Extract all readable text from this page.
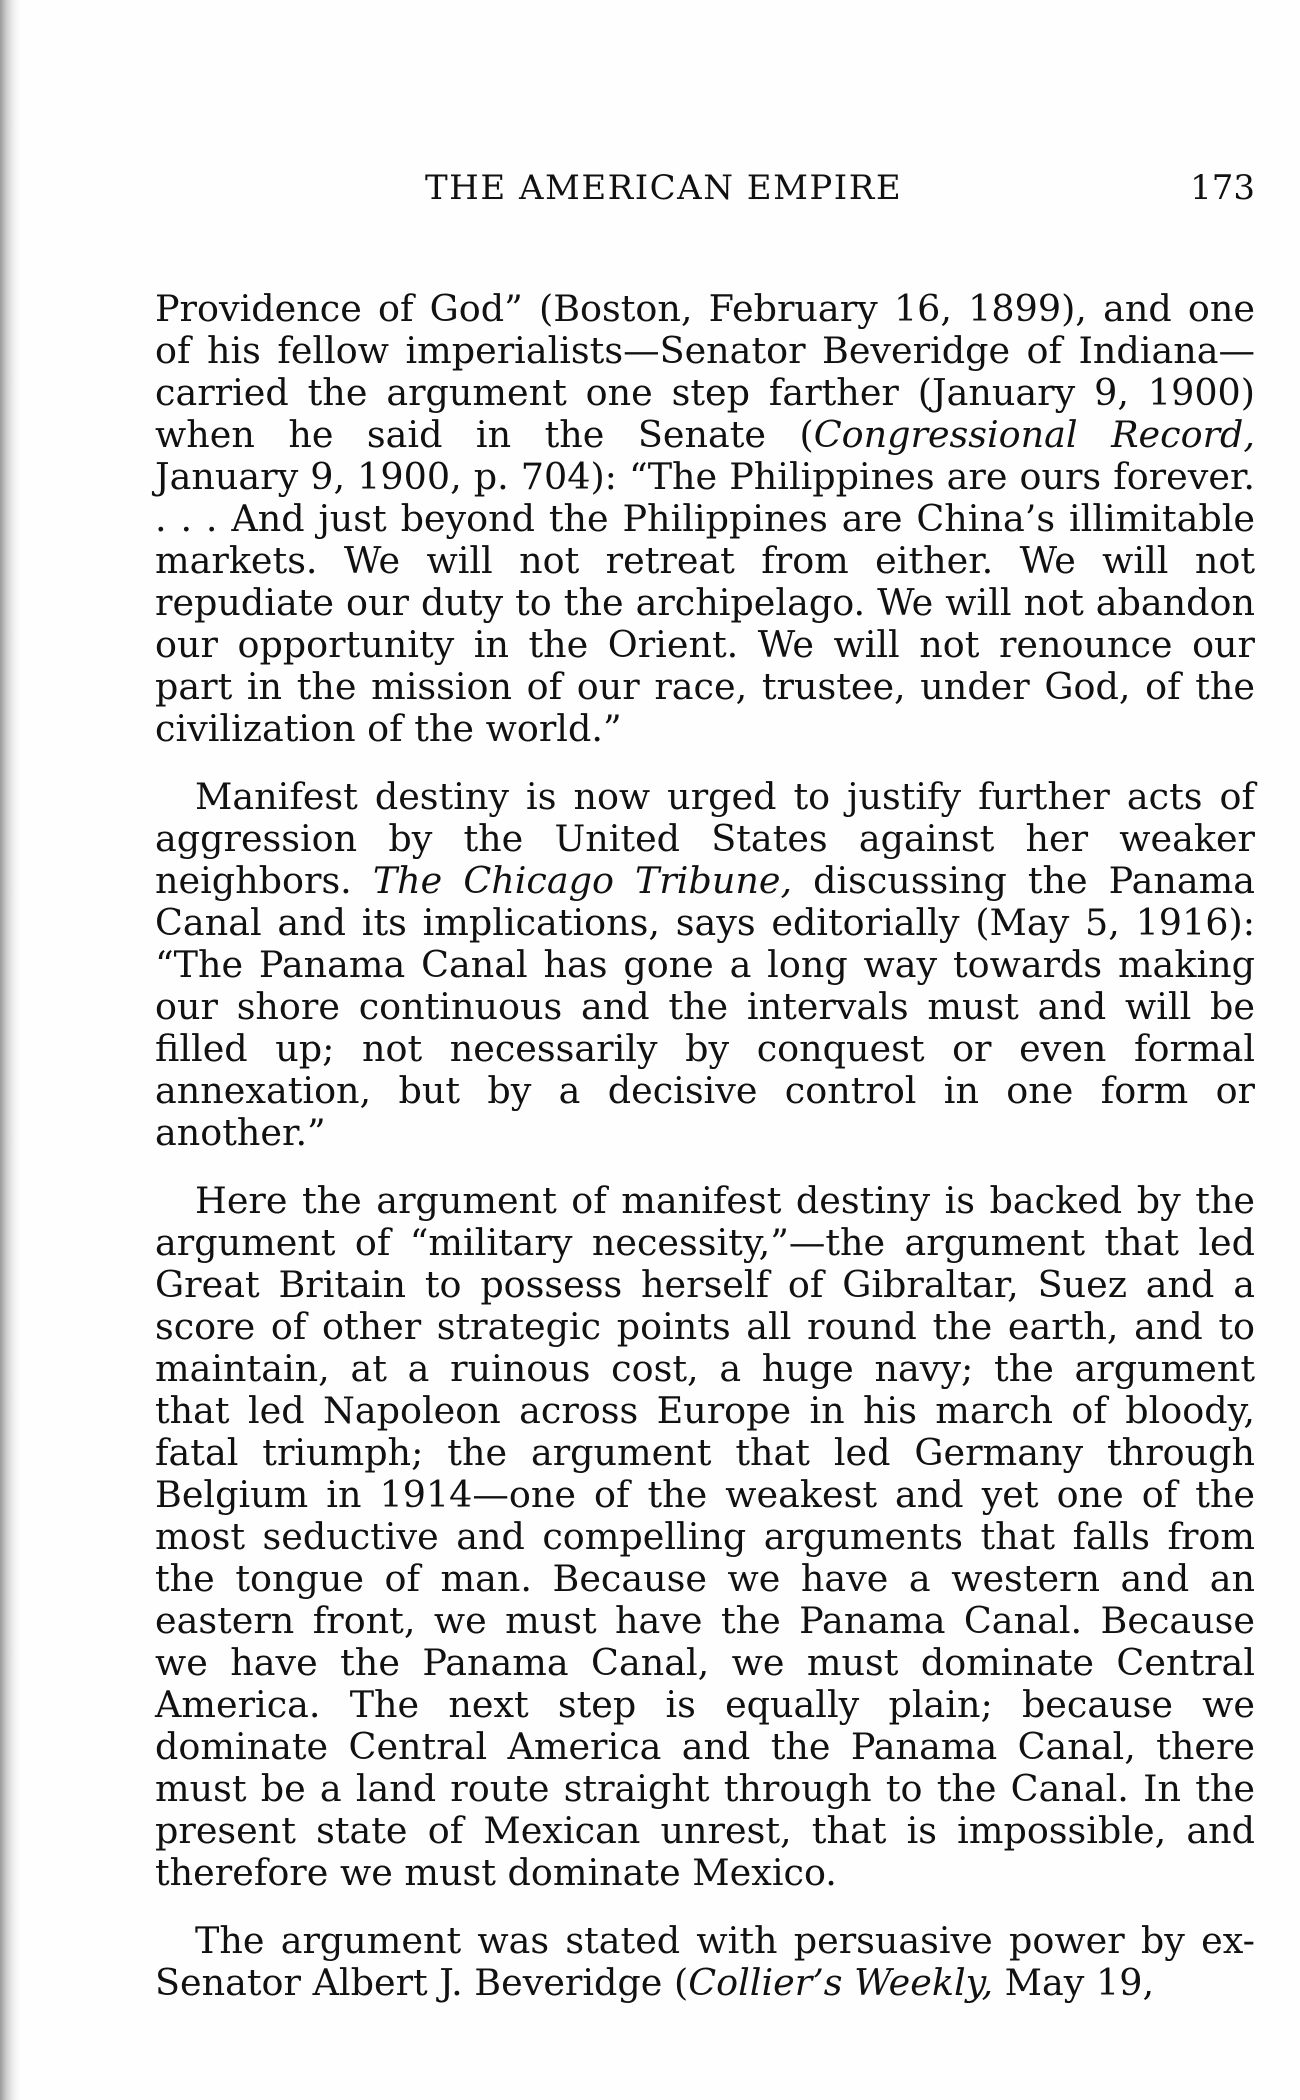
THE AMERICAN EMPIRE	173

Providence of God” (Boston, February 16, 1899), and one of his fellow imperialists—Senator Beveridge of Indiana—carried the argument one step farther (January 9, 1900) when he said in the Senate (Congressional Record, January 9, 1900, p. 704): “The Philippines are ours forever. . . . And just beyond the Philippines are China’s illimitable markets. We will not retreat from either. We will not repudiate our duty to the archipelago. We will not abandon our opportunity in the Orient. We will not renounce our part in the mission of our race, trustee, under God, of the civilization of the world.”

Manifest destiny is now urged to justify further acts of aggression by the United States against her weaker neighbors. The Chicago Tribune, discussing the Panama Canal and its implications, says editorially (May 5, 1916): “The Panama Canal has gone a long way towards making our shore continuous and the intervals must and will be filled up; not necessarily by conquest or even formal annexation, but by a decisive control in one form or another.”

Here the argument of manifest destiny is backed by the argument of “military necessity,”—the argument that led Great Britain to possess herself of Gibraltar, Suez and a score of other strategic points all round the earth, and to maintain, at a ruinous cost, a huge navy; the argument that led Napoleon across Europe in his march of bloody, fatal triumph; the argument that led Germany through Belgium in 1914—one of the weakest and yet one of the most seductive and compelling arguments that falls from the tongue of man. Because we have a western and an eastern front, we must have the Panama Canal. Because we have the Panama Canal, we must dominate Central America. The next step is equally plain; because we dominate Central America and the Panama Canal, there must be a land route straight through to the Canal. In the present state of Mexican unrest, that is impossible, and therefore we must dominate Mexico.

The argument was stated with persuasive power by ex-Senator Albert J. Beveridge (Collier’s Weekly, May 19,
